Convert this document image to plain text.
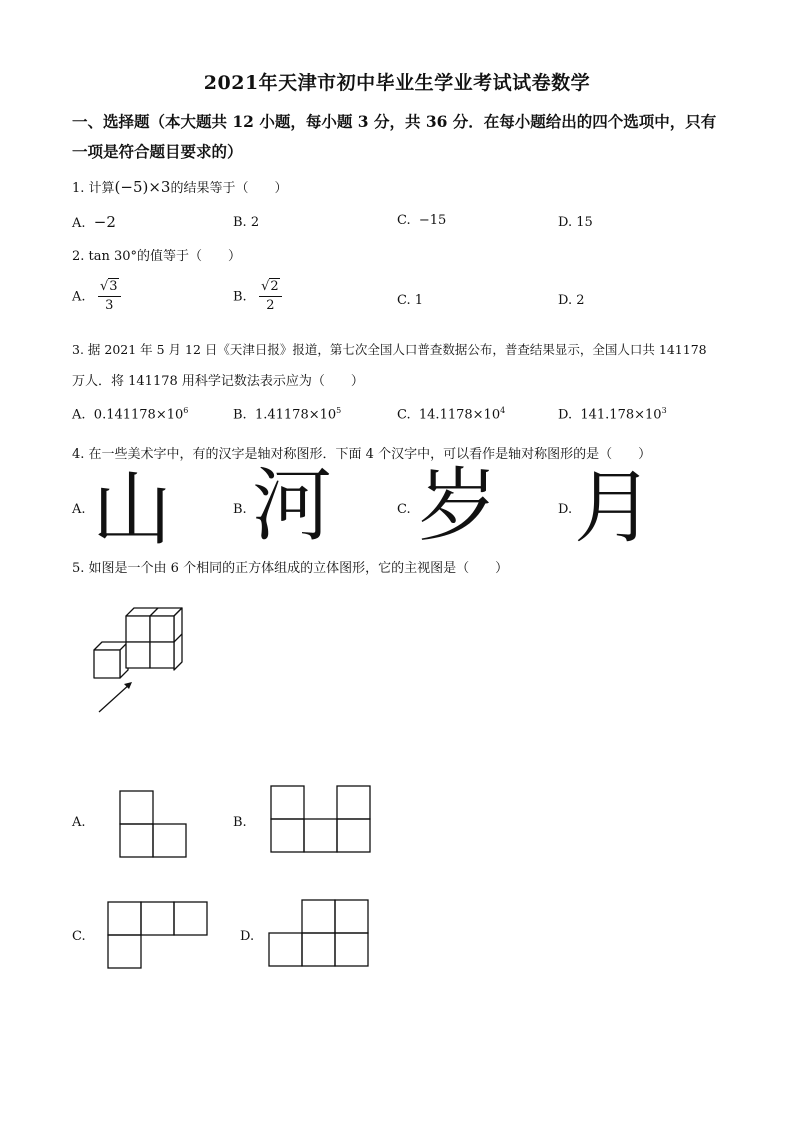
2021年天津市初中毕业生学业考试试卷数学
一、选择题（本大题共 12 小题，每小题 3 分，共 36 分．在每小题给出的四个选项中，只有
一项是符合题目要求的）
1. 计算(−5)×3的结果等于（　　）
A. −2	B. 2	C. −15	D. 15
2. tan 30°的值等于（　　）
A. $\frac{√3}{3}$	B. $\frac{√2}{2}$	C. 1	D. 2
3. 据 2021 年 5 月 12 日《天津日报》报道，第七次全国人口普查数据公布，普查结果显示，全国人口共 141178
万人．将 141178 用科学记数法表示应为（　　）
A. $0.141178\times 10^6$	B. $1.41178\times 10^5$	C. $14.1178\times 10^4$	D. $141.178\times 10^3$
4. 在一些美术字中，有的汉字是轴对称图形．下面 4 个汉字中，可以看作是轴对称图形的是（　　）
A. 山	B. 河	C. 岁	D. 月
5. 如图是一个由 6 个相同的正方体组成的立体图形，它的主视图是（　　）
A.	B.
C.	D.
